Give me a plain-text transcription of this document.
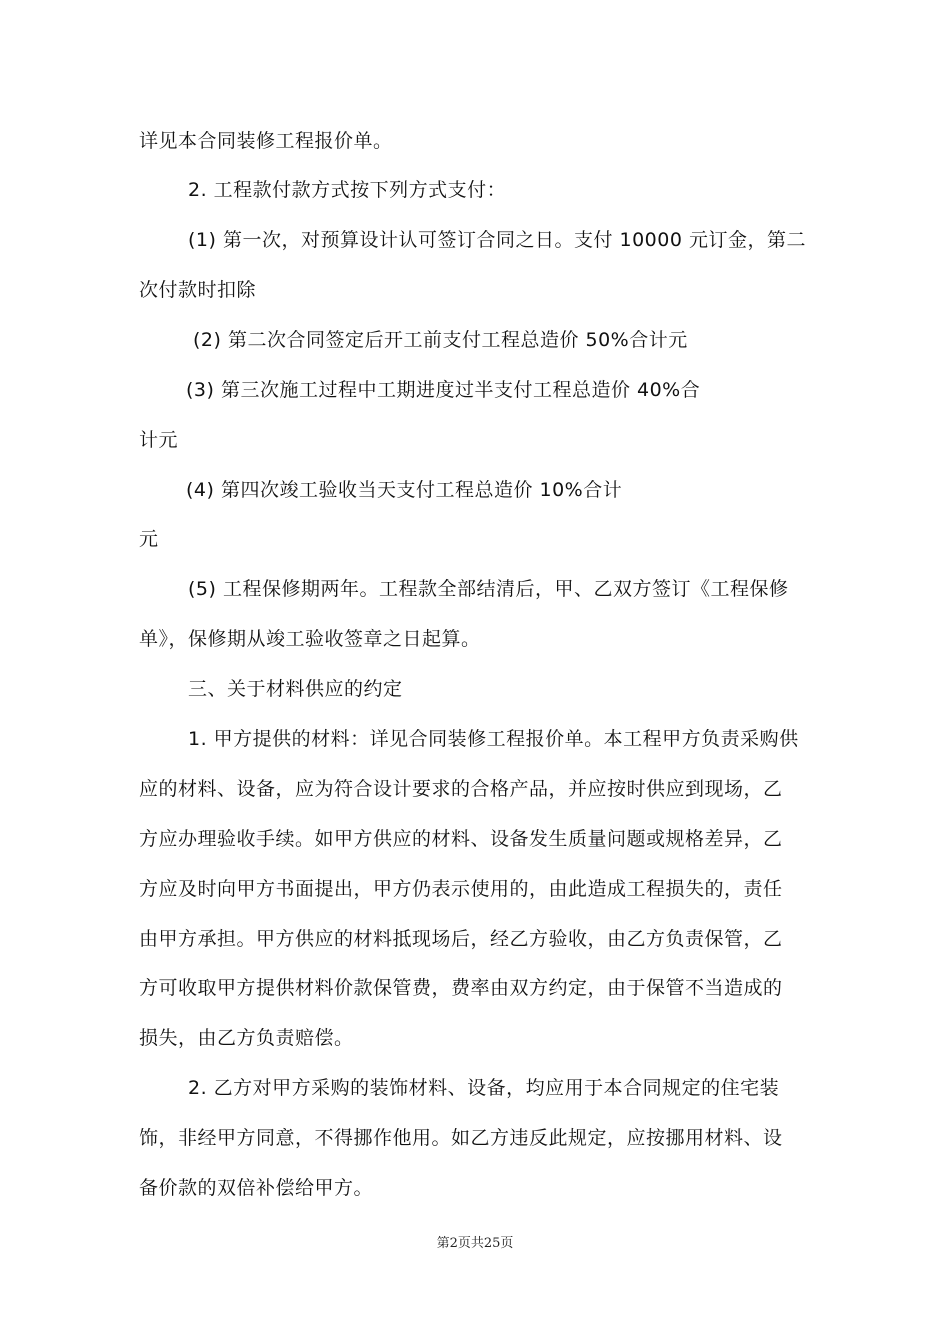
详见本合同装修工程报价单。
2. 工程款付款方式按下列方式支付：
(1) 第一次，对预算设计认可签订合同之日。支付 10000 元订金，第二
次付款时扣除
(2) 第二次合同签定后开工前支付工程总造价 50%合计元
(3) 第三次施工过程中工期进度过半支付工程总造价 40%合
计元
(4) 第四次竣工验收当天支付工程总造价 10%合计
元
(5) 工程保修期两年。工程款全部结清后，甲、乙双方签订《工程保修
单》，保修期从竣工验收签章之日起算。
三、关于材料供应的约定
1. 甲方提供的材料：详见合同装修工程报价单。本工程甲方负责采购供
应的材料、设备，应为符合设计要求的合格产品，并应按时供应到现场，乙
方应办理验收手续。如甲方供应的材料、设备发生质量问题或规格差异，乙
方应及时向甲方书面提出，甲方仍表示使用的，由此造成工程损失的，责任
由甲方承担。甲方供应的材料抵现场后，经乙方验收，由乙方负责保管，乙
方可收取甲方提供材料价款保管费，费率由双方约定，由于保管不当造成的
损失，由乙方负责赔偿。
2. 乙方对甲方采购的装饰材料、设备，均应用于本合同规定的住宅装
饰，非经甲方同意，不得挪作他用。如乙方违反此规定，应按挪用材料、设
备价款的双倍补偿给甲方。
第2页共25页
